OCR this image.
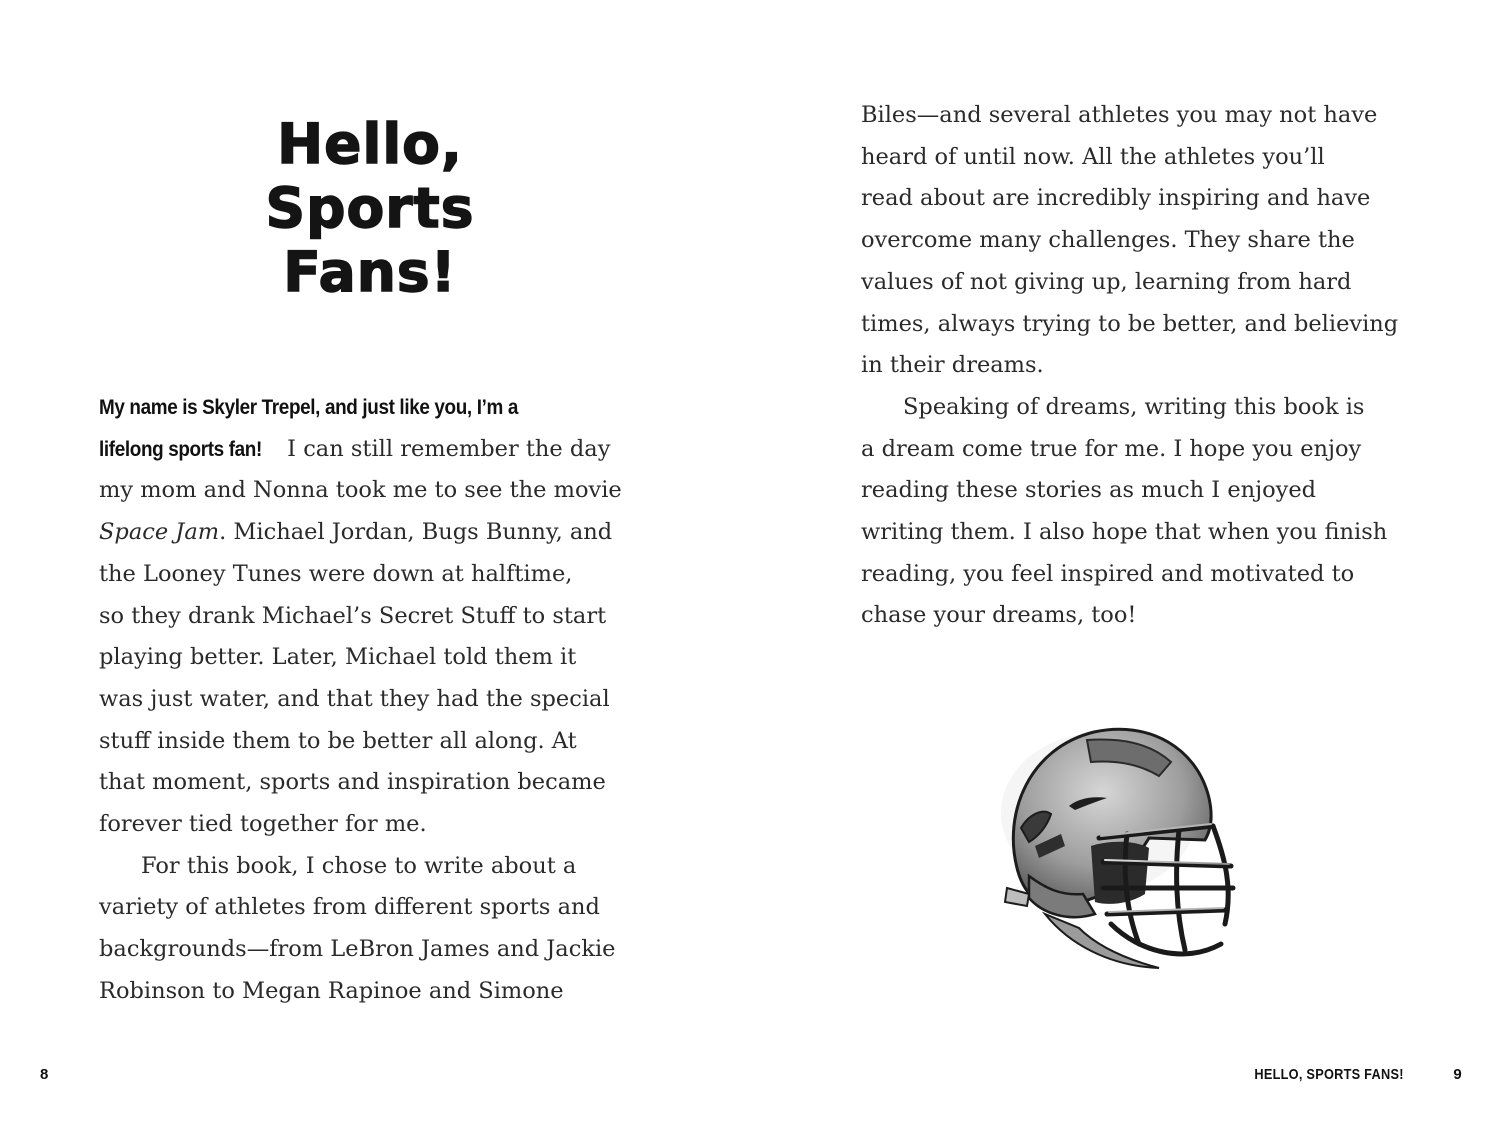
Hello,
Sports
Fans!
My name is Skyler Trepel, and just like you, I’m a
lifelong sports fan! I can still remember the day
my mom and Nonna took me to see the movie
Space Jam. Michael Jordan, Bugs Bunny, and
the Looney Tunes were down at halftime,
so they drank Michael’s Secret Stuff to start
playing better. Later, Michael told them it
was just water, and that they had the special
stuff inside them to be better all along. At
that moment, sports and inspiration became
forever tied together for me.
For this book, I chose to write about a
variety of athletes from different sports and
backgrounds—from LeBron James and Jackie
Robinson to Megan Rapinoe and Simone
8
Biles—and several athletes you may not have
heard of until now. All the athletes you’ll
read about are incredibly inspiring and have
overcome many challenges. They share the
values of not giving up, learning from hard
times, always trying to be better, and believing
in their dreams.
Speaking of dreams, writing this book is
a dream come true for me. I hope you enjoy
reading these stories as much I enjoyed
writing them. I also hope that when you finish
reading, you feel inspired and motivated to
chase your dreams, too!
HELLO, SPORTS FANS!	9
